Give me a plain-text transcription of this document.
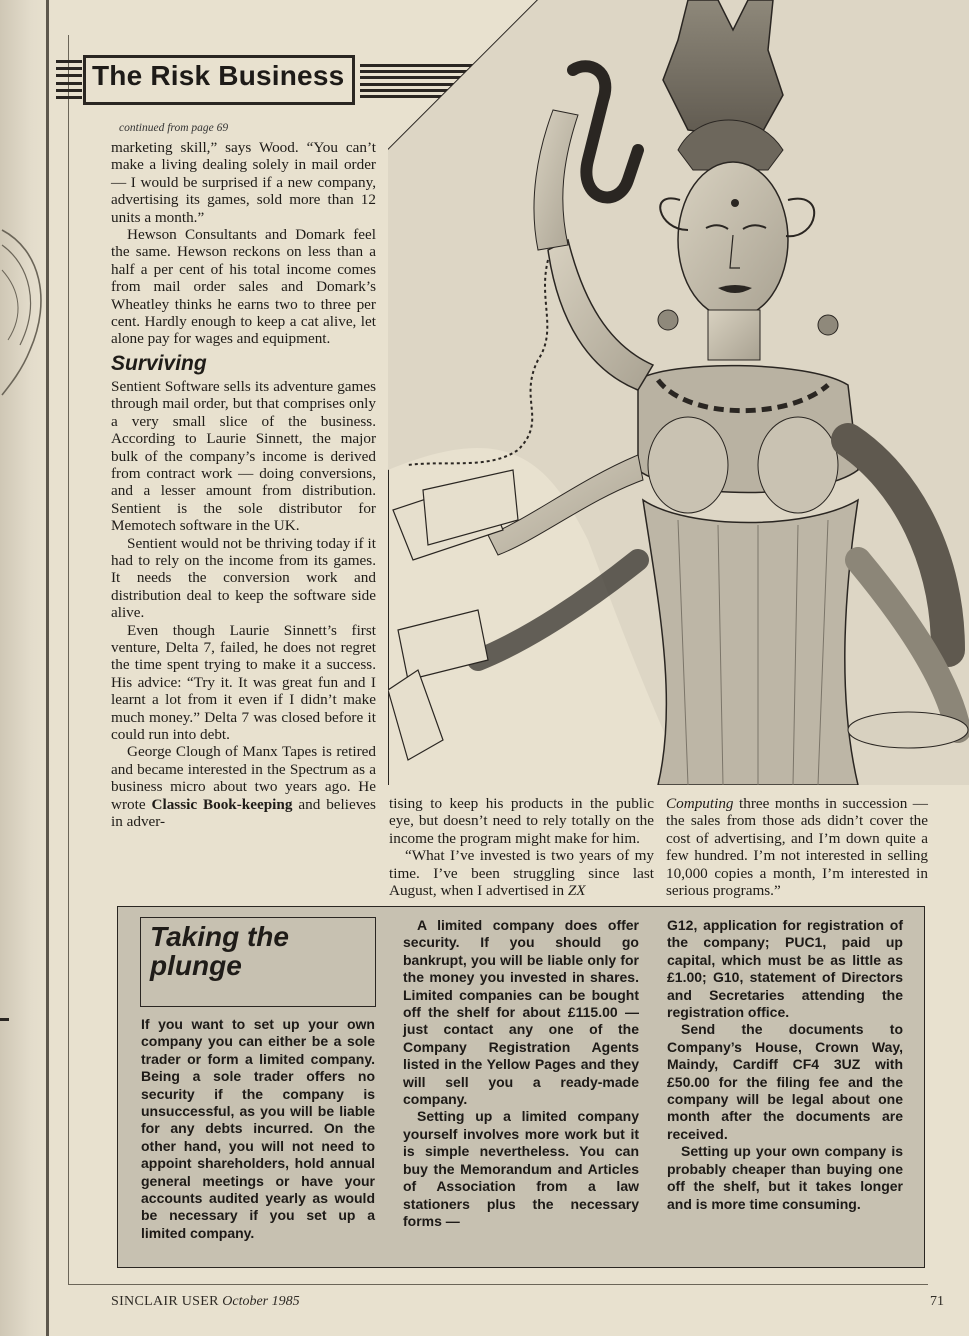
The Risk Business
continued from page 69

marketing skill,” says Wood. “You can’t make a living dealing solely in mail order — I would be surprised if a new company, advertising its games, sold more than 12 units a month.”

Hewson Consultants and Domark feel the same. Hewson reckons on less than a half a per cent of his total income comes from mail order sales and Domark’s Wheatley thinks he earns two to three per cent. Hardly enough to keep a cat alive, let alone pay for wages and equipment.

Surviving

Sentient Software sells its adventure games through mail order, but that comprises only a very small slice of the business. According to Laurie Sinnett, the major bulk of the company’s income is derived from contract work — doing conversions, and a lesser amount from distribution. Sentient is the sole distributor for Memotech software in the UK.

Sentient would not be thriving today if it had to rely on the income from its games. It needs the conversion work and distribution deal to keep the software side alive.

Even though Laurie Sinnett’s first venture, Delta 7, failed, he does not regret the time spent trying to make it a success. His advice: “Try it. It was great fun and I learnt a lot from it even if I didn’t make much money.” Delta 7 was closed before it could run into debt.

George Clough of Manx Tapes is retired and became interested in the Spectrum as a business micro about two years ago. He wrote Classic Book-keeping and believes in adver-

tising to keep his products in the public eye, but doesn’t need to rely totally on the income the program might make for him.

“What I’ve invested is two years of my time. I’ve been struggling since last August, when I advertised in ZX

Computing three months in succession — the sales from those ads didn’t cover the cost of advertising, and I’m down quite a few hundred. I’m not interested in selling 10,000 copies a month, I’m interested in serious programs.”

Taking the
plunge

If you want to set up your own company you can either be a sole trader or form a limited company. Being a sole trader offers no security if the company is unsuccessful, as you will be liable for any debts incurred. On the other hand, you will not need to appoint shareholders, hold annual general meetings or have your accounts audited yearly as would be necessary if you set up a limited company.

A limited company does offer security. If you should go bankrupt, you will be liable only for the money you invested in shares. Limited companies can be bought off the shelf for about £115.00 — just contact any one of the Company Registration Agents listed in the Yellow Pages and they will sell you a ready-made company.

Setting up a limited company yourself involves more work but it is simple nevertheless. You can buy the Memorandum and Articles of Association from a law stationers plus the necessary forms —

G12, application for registration of the company; PUC1, paid up capital, which must be as little as £1.00; G10, statement of Directors and Secretaries attending the registration office.

Send the documents to Company’s House, Crown Way, Maindy, Cardiff CF4 3UZ with £50.00 for the filing fee and the company will be legal about one month after the documents are received.

Setting up your own company is probably cheaper than buying one off the shelf, but it takes longer and is more time consuming.

SINCLAIR USER October 1985	71
